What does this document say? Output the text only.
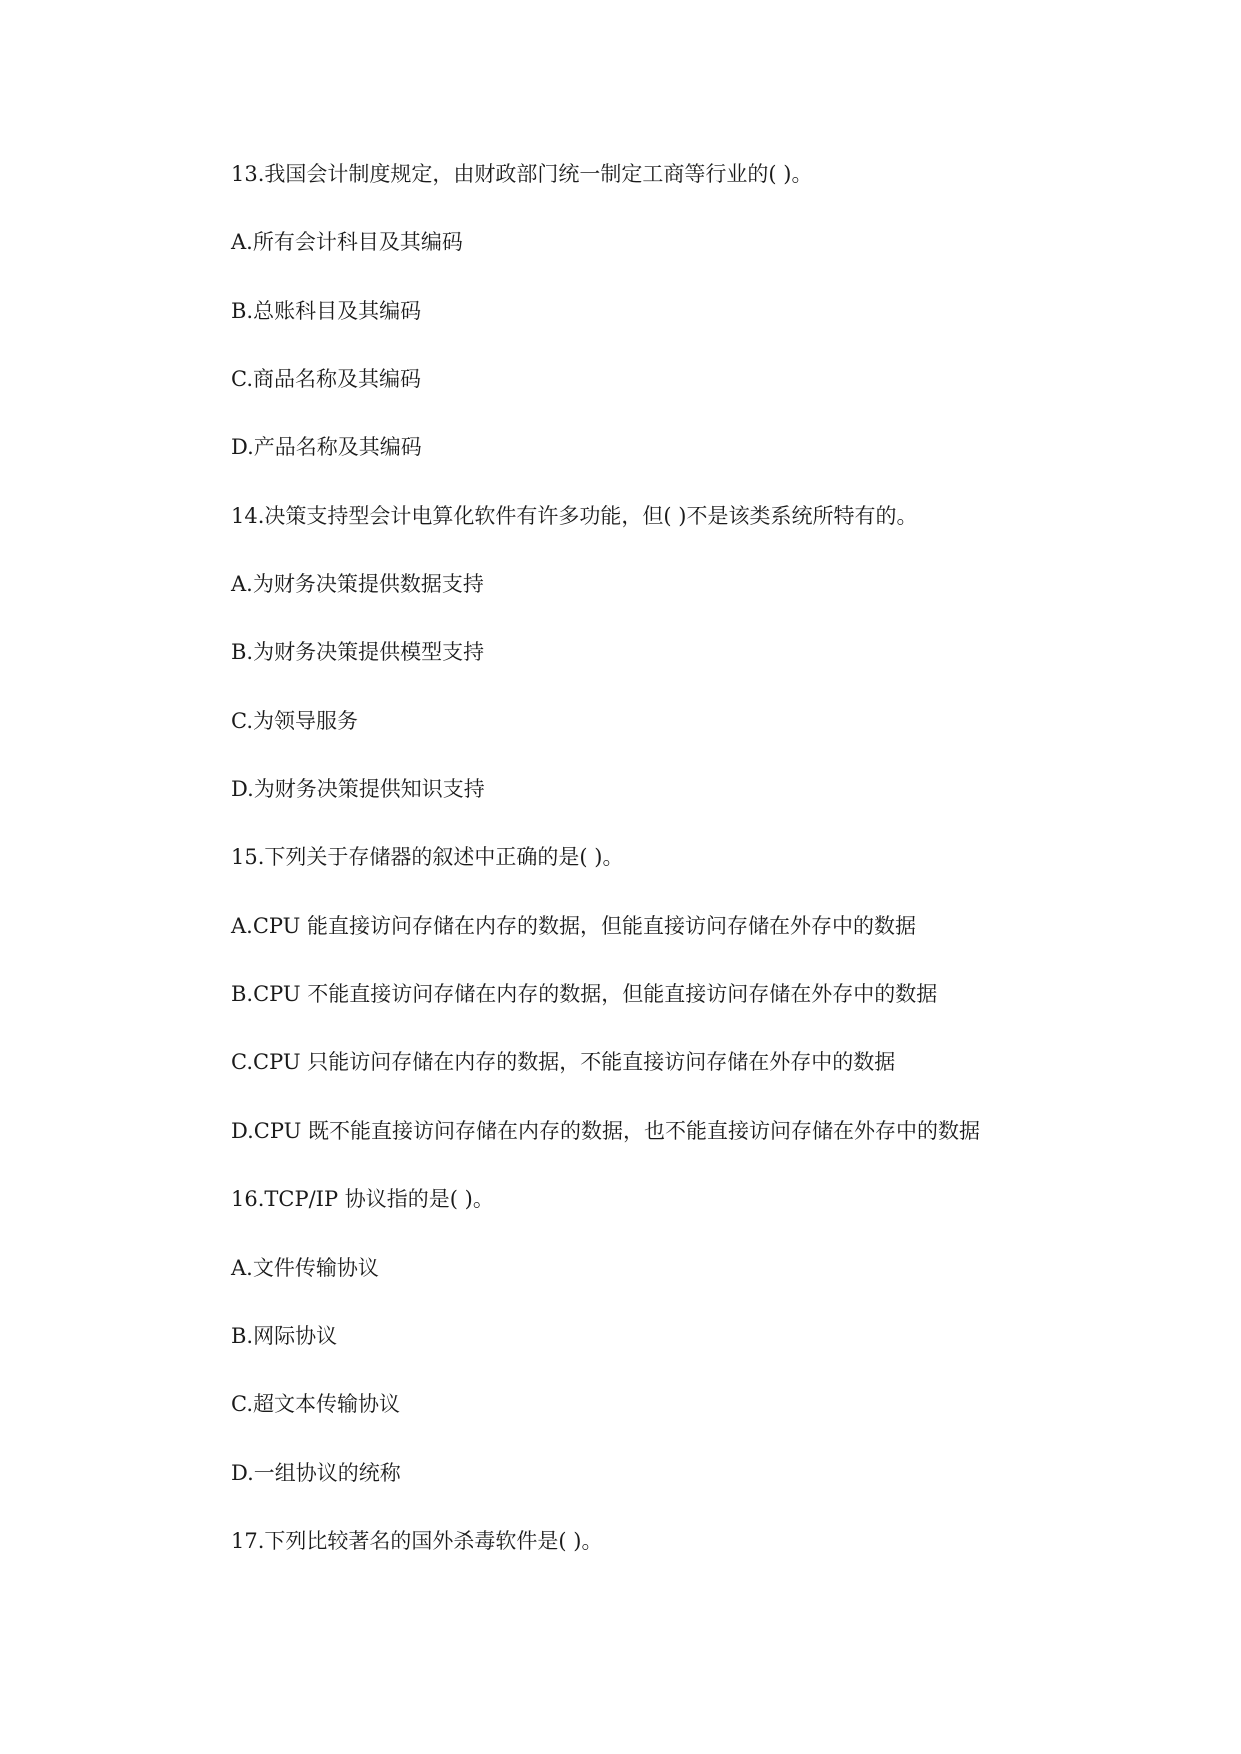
13.我国会计制度规定，由财政部门统一制定工商等行业的( )。
A.所有会计科目及其编码
B.总账科目及其编码
C.商品名称及其编码
D.产品名称及其编码
14.决策支持型会计电算化软件有许多功能，但( )不是该类系统所特有的。
A.为财务决策提供数据支持
B.为财务决策提供模型支持
C.为领导服务
D.为财务决策提供知识支持
15.下列关于存储器的叙述中正确的是( )。
A.CPU 能直接访问存储在内存的数据，但能直接访问存储在外存中的数据
B.CPU 不能直接访问存储在内存的数据，但能直接访问存储在外存中的数据
C.CPU 只能访问存储在内存的数据，不能直接访问存储在外存中的数据
D.CPU 既不能直接访问存储在内存的数据，也不能直接访问存储在外存中的数据
16.TCP/IP 协议指的是( )。
A.文件传输协议
B.网际协议
C.超文本传输协议
D.一组协议的统称
17.下列比较著名的国外杀毒软件是( )。
